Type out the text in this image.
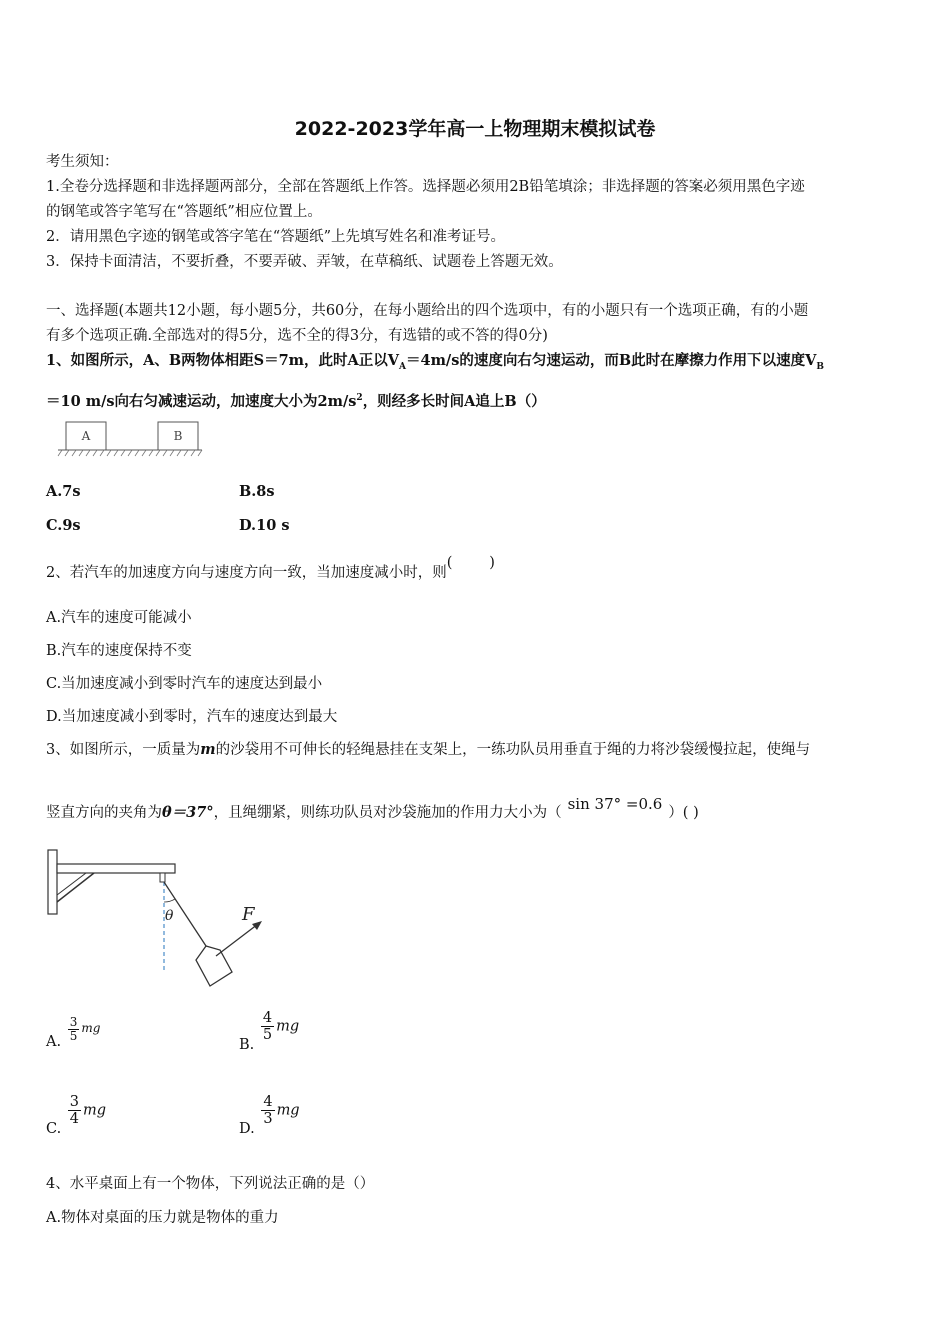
2022-2023学年高一上物理期末模拟试卷
考生须知：
1.全卷分选择题和非选择题两部分，全部在答题纸上作答。选择题必须用2B铅笔填涂；非选择题的答案必须用黑色字迹
的钢笔或答字笔写在“答题纸”相应位置上。
2．请用黑色字迹的钢笔或答字笔在“答题纸”上先填写姓名和准考证号。
3．保持卡面清洁，不要折叠，不要弄破、弄皱，在草稿纸、试题卷上答题无效。
一、选择题(本题共12小题，每小题5分，共60分，在每小题给出的四个选项中，有的小题只有一个选项正确，有的小题
有多个选项正确.全部选对的得5分，选不全的得3分，有选错的或不答的得0分)
1、如图所示，A、B两物体相距S＝7m，此时A正以$V_A=4m/s$的速度向右匀速运动，而B此时在摩擦力作用下以速度$V_B$
＝10 m/s向右匀减速运动，加速度大小为$2m/s^2$，则经多长时间A追上B（）
A	B
A.7s	B.8s
C.9s	D.10 s
2、若汽车的加速度方向与速度方向一致，当加速度减小时，则(        )
A.汽车的速度可能减小
B.汽车的速度保持不变
C.当加速度减小到零时汽车的速度达到最小
D.当加速度减小到零时，汽车的速度达到最大
3、如图所示，一质量为m的沙袋用不可伸长的轻绳悬挂在支架上，一练功队员用垂直于绳的力将沙袋缓慢拉起，使绳与
竖直方向的夹角为θ＝37°，且绳绷紧，则练功队员对沙袋施加的作用力大小为（ sin 37° =0.6 ）( )
θ	F
A. $\frac{3}{5}$ mg
B.
$\frac{4}{5}$ mg
C.
$\frac{3}{4}$ mg
D.
$\frac{4}{3}$ mg
4、水平桌面上有一个物体，下列说法正确的是（）
A.物体对桌面的压力就是物体的重力
